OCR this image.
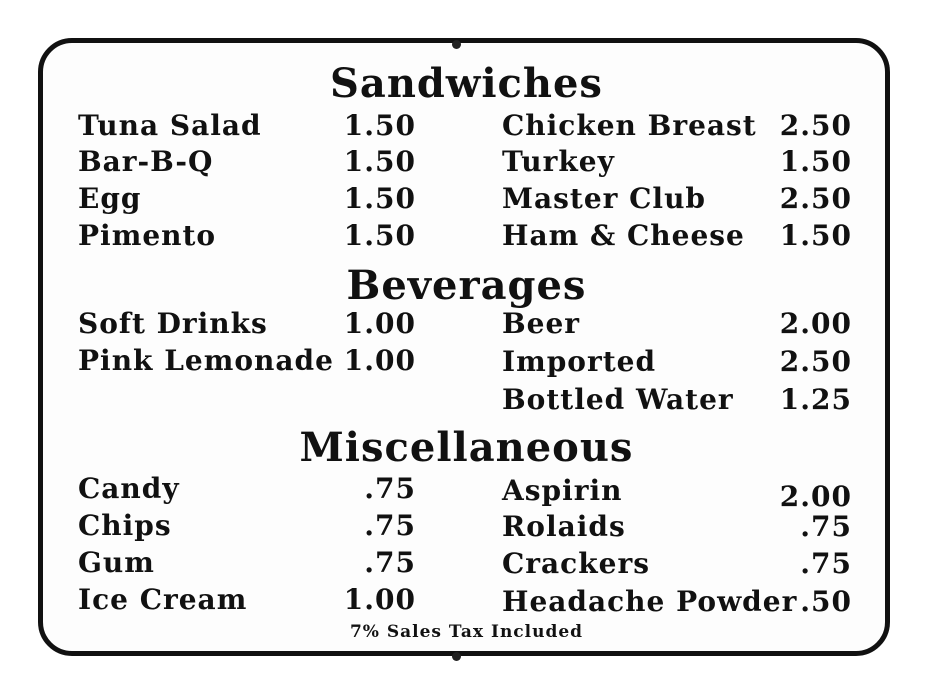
Sandwiches
Tuna Salad	1.50
Bar-B-Q	1.50
Egg	1.50
Pimento	1.50
Chicken Breast 2.50
Turkey	1.50
Master Club	2.50
Ham & Cheese 1.50
Beverages
Soft Drinks	1.00
Pink Lemonade 1.00
Beer	2.00
Imported	2.50
Bottled Water 1.25
Miscellaneous
Candy	.75
Chips	.75
Gum	.75
Ice Cream	1.00
Aspirin	2.00
Rolaids	.75
Crackers	.75
Headache Powder .50
7% Sales Tax Included
